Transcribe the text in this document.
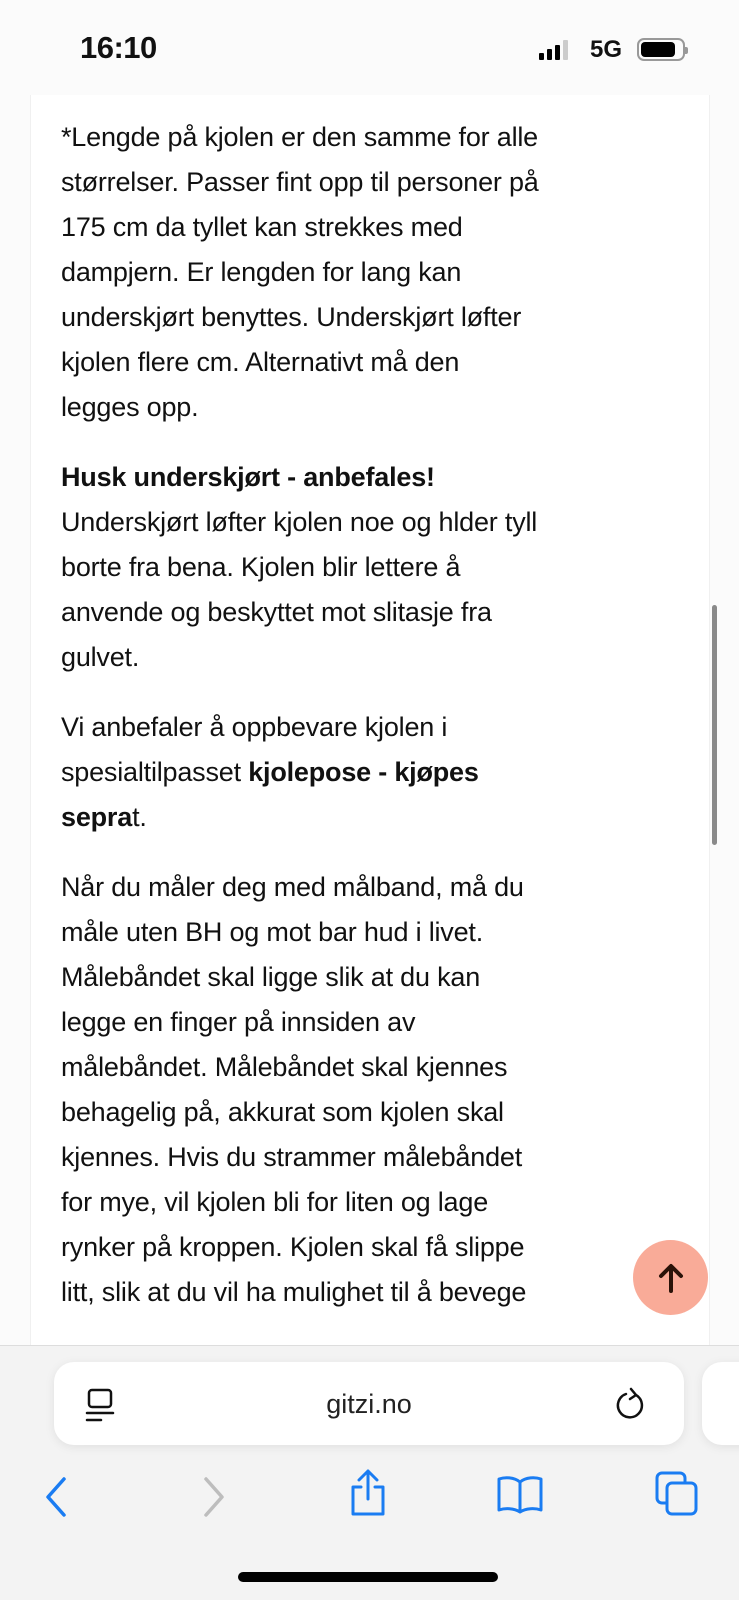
16:10	5G
*Lengde på kjolen er den samme for alle
størrelser. Passer fint opp til personer på
175 cm da tyllet kan strekkes med
dampjern. Er lengden for lang kan
underskjørt benyttes. Underskjørt løfter
kjolen flere cm. Alternativt må den
legges opp.
Husk underskjørt - anbefales!
Underskjørt løfter kjolen noe og hlder tyll
borte fra bena. Kjolen blir lettere å
anvende og beskyttet mot slitasje fra
gulvet.
Vi anbefaler å oppbevare kjolen i
spesialtilpasset kjolepose - kjøpes
seprat.
Når du måler deg med målband, må du
måle uten BH og mot bar hud i livet.
Målebåndet skal ligge slik at du kan
legge en finger på innsiden av
målebåndet. Målebåndet skal kjennes
behagelig på, akkurat som kjolen skal
kjennes. Hvis du strammer målebåndet
for mye, vil kjolen bli for liten og lage
rynker på kroppen. Kjolen skal få slippe
litt, slik at du vil ha mulighet til å bevege
gitzi.no
